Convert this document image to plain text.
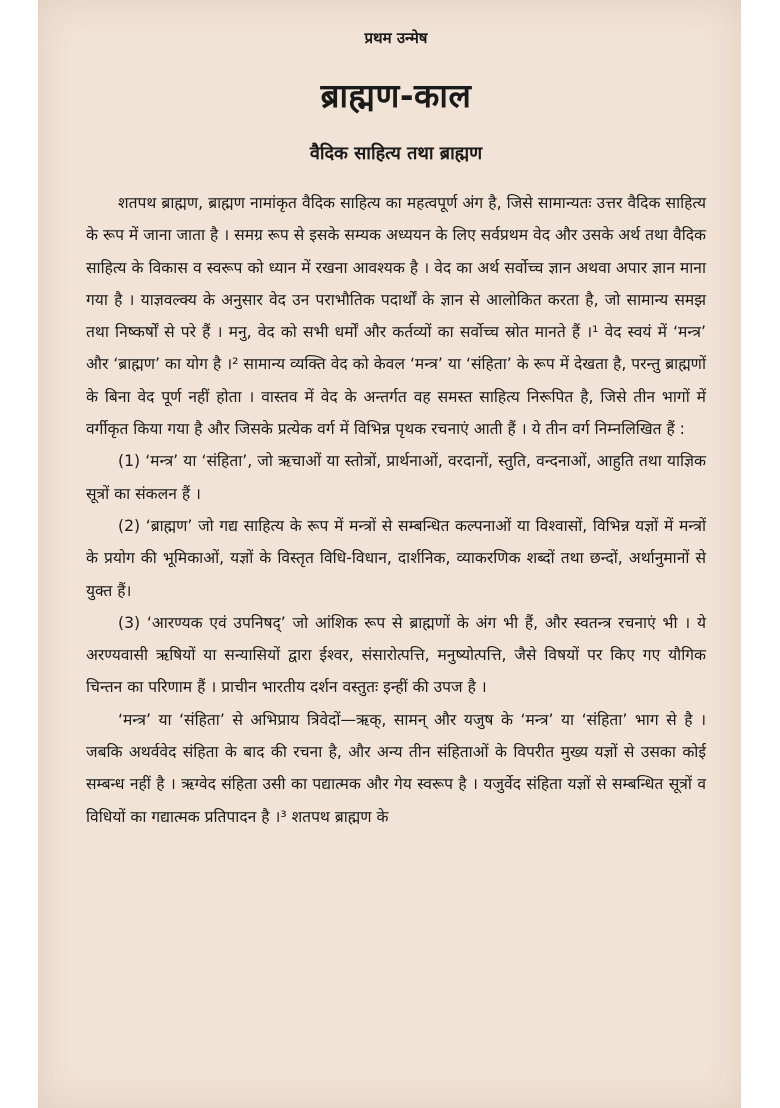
प्रथम उन्मेष
ब्राह्मण-काल
वैदिक साहित्य तथा ब्राह्मण

शतपथ ब्राह्मण, ब्राह्मण नामांकृत वैदिक साहित्य का महत्वपूर्ण अंग है, जिसे सामान्यतः उत्तर वैदिक साहित्य के रूप में जाना जाता है । समग्र रूप से इसके सम्यक अध्ययन के लिए सर्वप्रथम वेद और उसके अर्थ तथा वैदिक साहित्य के विकास व स्वरूप को ध्यान में रखना आवश्यक है । वेद का अर्थ सर्वोच्च ज्ञान अथवा अपार ज्ञान माना गया है । याज्ञवल्क्य के अनुसार वेद उन पराभौतिक पदार्थों के ज्ञान से आलोकित करता है, जो सामान्य समझ तथा निष्कर्षों से परे हैं । मनु, वेद को सभी धर्मों और कर्तव्यों का सर्वोच्च स्रोत मानते हैं ।¹ वेद स्वयं में ‘मन्त्र’ और ‘ब्राह्मण’ का योग है ।² सामान्य व्यक्ति वेद को केवल ‘मन्त्र’ या ‘संहिता’ के रूप में देखता है, परन्तु ब्राह्मणों के बिना वेद पूर्ण नहीं होता । वास्तव में वेद के अन्तर्गत वह समस्त साहित्य निरूपित है, जिसे तीन भागों में वर्गीकृत किया गया है और जिसके प्रत्येक वर्ग में विभिन्न पृथक रचनाएं आती हैं । ये तीन वर्ग निम्नलिखित हैं :

(1) ‘मन्त्र’ या ‘संहिता’, जो ऋचाओं या स्तोत्रों, प्रार्थनाओं, वरदानों, स्तुति, वन्दनाओं, आहुति तथा याज्ञिक सूत्रों का संकलन हैं ।

(2) ‘ब्राह्मण’ जो गद्य साहित्य के रूप में मन्त्रों से सम्बन्धित कल्पनाओं या विश्वासों, विभिन्न यज्ञों में मन्त्रों के प्रयोग की भूमिकाओं, यज्ञों के विस्तृत विधि-विधान, दार्शनिक, व्याकरणिक शब्दों तथा छन्दों, अर्थानुमानों से युक्त हैं।

(3) ‘आरण्यक एवं उपनिषद्’ जो आंशिक रूप से ब्राह्मणों के अंग भी हैं, और स्वतन्त्र रचनाएं भी । ये अरण्यवासी ऋषियों या सन्यासियों द्वारा ईश्वर, संसारोत्पत्ति, मनुष्योत्पत्ति, जैसे विषयों पर किए गए यौगिक चिन्तन का परिणाम हैं । प्राचीन भारतीय दर्शन वस्तुतः इन्हीं की उपज है ।

‘मन्त्र’ या ‘संहिता’ से अभिप्राय त्रिवेदों—ऋक्, सामन् और यजुष के ‘मन्त्र’ या ‘संहिता’ भाग से है । जबकि अथर्ववेद संहिता के बाद की रचना है, और अन्य तीन संहिताओं के विपरीत मुख्य यज्ञों से उसका कोई सम्बन्ध नहीं है । ऋग्वेद संहिता उसी का पद्यात्मक और गेय स्वरूप है । यजुर्वेद संहिता यज्ञों से सम्बन्धित सूत्रों व विधियों का गद्यात्मक प्रतिपादन है ।³ शतपथ ब्राह्मण के
